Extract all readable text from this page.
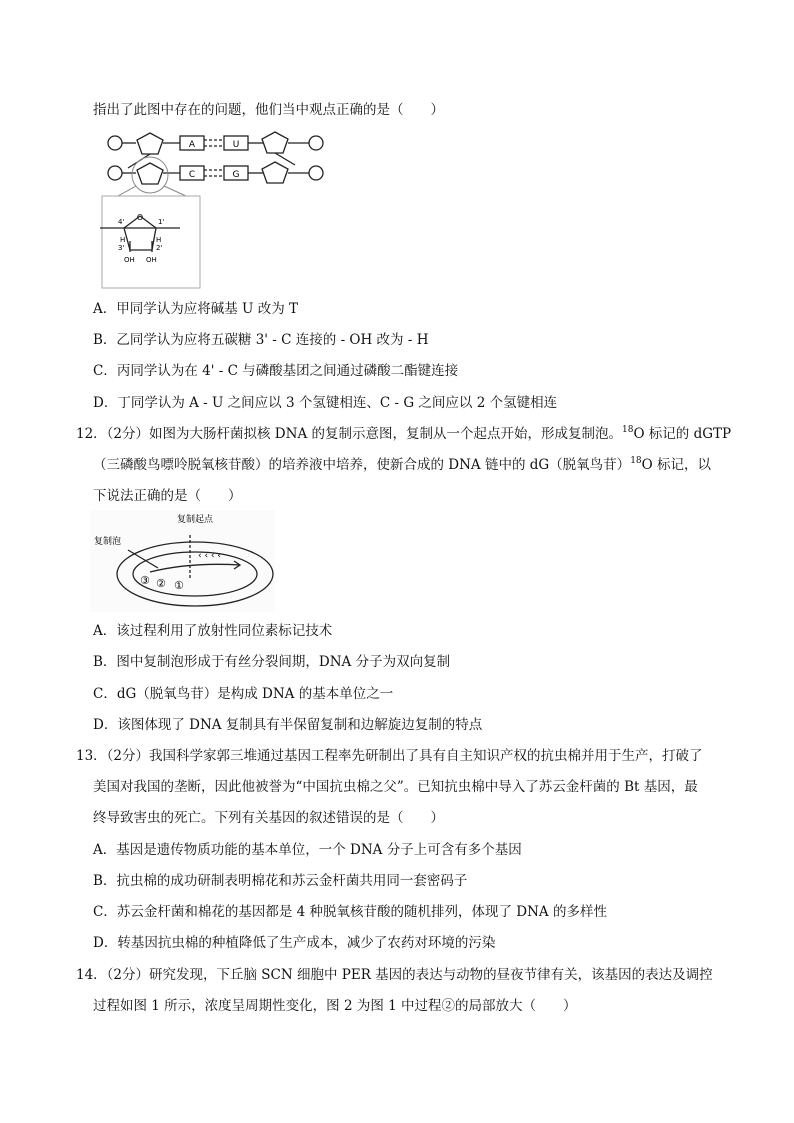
指出了此图中存在的问题，他们当中观点正确的是（　　）
A	U
C	G
O
4'	1'
H	H
3'	2'
OH OH
A．甲同学认为应将碱基 U 改为 T
B．乙同学认为应将五碳糖 3' - C 连接的 - OH 改为 - H
C．丙同学认为在 4' - C 与磷酸基团之间通过磷酸二酯键连接
D．丁同学认为 A - U 之间应以 3 个氢键相连、C - G 之间应以 2 个氢键相连
12．（2分）如图为大肠杆菌拟核 DNA 的复制示意图，复制从一个起点开始，形成复制泡。$^{18}$O 标记的 dGTP
（三磷酸鸟嘌呤脱氧核苷酸）的培养液中培养，使新合成的 DNA 链中的 dG（脱氧鸟苷）$^{18}$O 标记，以
下说法正确的是（　　）
复制起点
复制泡
‹ ‹ ‹ ‹
③ ② ①
A．该过程利用了放射性同位素标记技术
B．图中复制泡形成于有丝分裂间期，DNA 分子为双向复制
C．dG（脱氧鸟苷）是构成 DNA 的基本单位之一
D．该图体现了 DNA 复制具有半保留复制和边解旋边复制的特点
13．（2分）我国科学家郭三堆通过基因工程率先研制出了具有自主知识产权的抗虫棉并用于生产，打破了
美国对我国的垄断，因此他被誉为“中国抗虫棉之父”。已知抗虫棉中导入了苏云金杆菌的 Bt 基因，最
终导致害虫的死亡。下列有关基因的叙述错误的是（　　）
A．基因是遗传物质功能的基本单位，一个 DNA 分子上可含有多个基因
B．抗虫棉的成功研制表明棉花和苏云金杆菌共用同一套密码子
C．苏云金杆菌和棉花的基因都是 4 种脱氧核苷酸的随机排列，体现了 DNA 的多样性
D．转基因抗虫棉的种植降低了生产成本，减少了农药对环境的污染
14．（2分）研究发现，下丘脑 SCN 细胞中 PER 基因的表达与动物的昼夜节律有关，该基因的表达及调控
过程如图 1 所示，浓度呈周期性变化，图 2 为图 1 中过程②的局部放大（　　）
